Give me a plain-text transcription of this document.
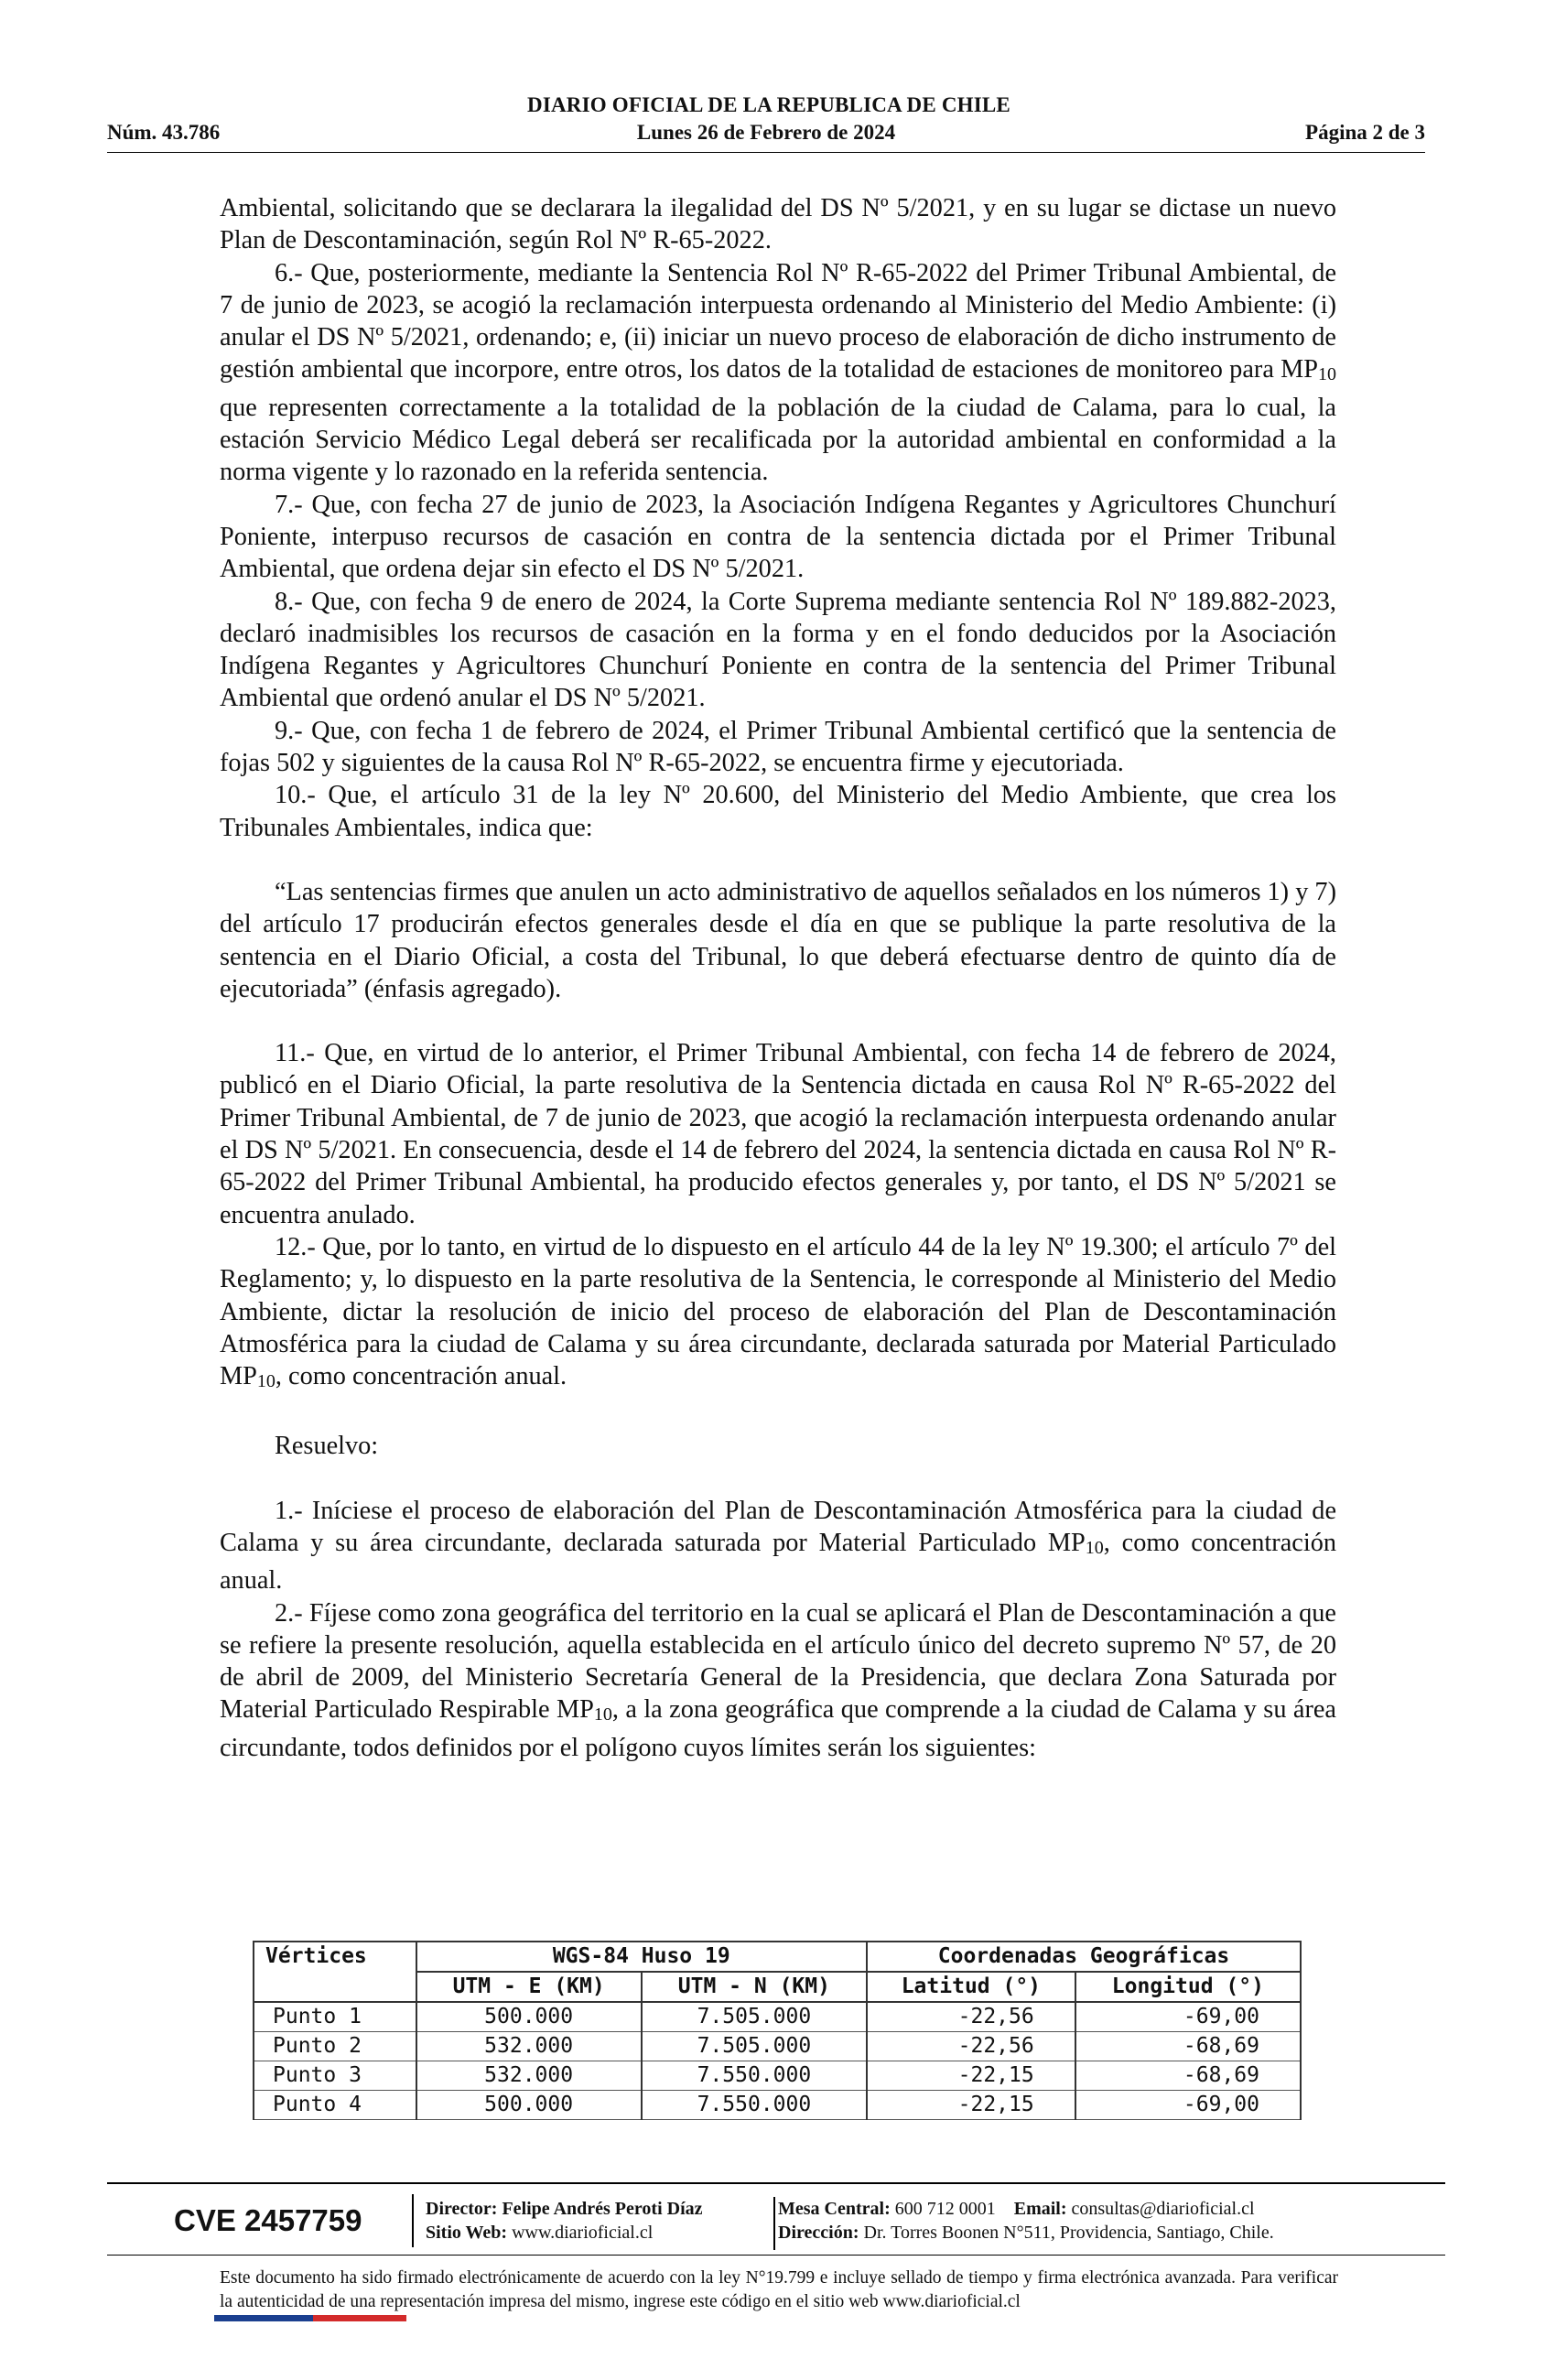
DIARIO OFICIAL DE LA REPUBLICA DE CHILE
Núm. 43.786	Lunes 26 de Febrero de 2024	Página 2 de 3

Ambiental, solicitando que se declarara la ilegalidad del DS Nº 5/2021, y en su lugar se dictase un nuevo Plan de Descontaminación, según Rol Nº R-65-2022.

6.- Que, posteriormente, mediante la Sentencia Rol Nº R-65-2022 del Primer Tribunal Ambiental, de 7 de junio de 2023, se acogió la reclamación interpuesta ordenando al Ministerio del Medio Ambiente: (i) anular el DS Nº 5/2021, ordenando; e, (ii) iniciar un nuevo proceso de elaboración de dicho instrumento de gestión ambiental que incorpore, entre otros, los datos de la totalidad de estaciones de monitoreo para MP10 que representen correctamente a la totalidad de la población de la ciudad de Calama, para lo cual, la estación Servicio Médico Legal deberá ser recalificada por la autoridad ambiental en conformidad a la norma vigente y lo razonado en la referida sentencia.

7.- Que, con fecha 27 de junio de 2023, la Asociación Indígena Regantes y Agricultores Chunchurí Poniente, interpuso recursos de casación en contra de la sentencia dictada por el Primer Tribunal Ambiental, que ordena dejar sin efecto el DS Nº 5/2021.

8.- Que, con fecha 9 de enero de 2024, la Corte Suprema mediante sentencia Rol Nº 189.882-2023, declaró inadmisibles los recursos de casación en la forma y en el fondo deducidos por la Asociación Indígena Regantes y Agricultores Chunchurí Poniente en contra de la sentencia del Primer Tribunal Ambiental que ordenó anular el DS Nº 5/2021.

9.- Que, con fecha 1 de febrero de 2024, el Primer Tribunal Ambiental certificó que la sentencia de fojas 502 y siguientes de la causa Rol Nº R-65-2022, se encuentra firme y ejecutoriada.

10.- Que, el artículo 31 de la ley Nº 20.600, del Ministerio del Medio Ambiente, que crea los Tribunales Ambientales, indica que:

“Las sentencias firmes que anulen un acto administrativo de aquellos señalados en los números 1) y 7) del artículo 17 producirán efectos generales desde el día en que se publique la parte resolutiva de la sentencia en el Diario Oficial, a costa del Tribunal, lo que deberá efectuarse dentro de quinto día de ejecutoriada” (énfasis agregado).

11.- Que, en virtud de lo anterior, el Primer Tribunal Ambiental, con fecha 14 de febrero de 2024, publicó en el Diario Oficial, la parte resolutiva de la Sentencia dictada en causa Rol Nº R-65-2022 del Primer Tribunal Ambiental, de 7 de junio de 2023, que acogió la reclamación interpuesta ordenando anular el DS Nº 5/2021. En consecuencia, desde el 14 de febrero del 2024, la sentencia dictada en causa Rol Nº R-65-2022 del Primer Tribunal Ambiental, ha producido efectos generales y, por tanto, el DS Nº 5/2021 se encuentra anulado.

12.- Que, por lo tanto, en virtud de lo dispuesto en el artículo 44 de la ley Nº 19.300; el artículo 7º del Reglamento; y, lo dispuesto en la parte resolutiva de la Sentencia, le corresponde al Ministerio del Medio Ambiente, dictar la resolución de inicio del proceso de elaboración del Plan de Descontaminación Atmosférica para la ciudad de Calama y su área circundante, declarada saturada por Material Particulado MP10, como concentración anual.

Resuelvo:

1.- Iníciese el proceso de elaboración del Plan de Descontaminación Atmosférica para la ciudad de Calama y su área circundante, declarada saturada por Material Particulado MP10, como concentración anual.

2.- Fíjese como zona geográfica del territorio en la cual se aplicará el Plan de Descontaminación a que se refiere la presente resolución, aquella establecida en el artículo único del decreto supremo Nº 57, de 20 de abril de 2009, del Ministerio Secretaría General de la Presidencia, que declara Zona Saturada por Material Particulado Respirable MP10, a la zona geográfica que comprende a la ciudad de Calama y su área circundante, todos definidos por el polígono cuyos límites serán los siguientes:

Vértices	WGS-84 Huso 19		Coordenadas Geográficas	
	UTM - E (KM)	UTM - N (KM)	Latitud (°)	Longitud (°)
Punto 1	500.000	7.505.000	-22,56	-69,00
Punto 2	532.000	7.505.000	-22,56	-68,69
Punto 3	532.000	7.550.000	-22,15	-68,69
Punto 4	500.000	7.550.000	-22,15	-69,00
CVE 2457759	Director: Felipe Andrés Peroti Díaz
Sitio Web: www.diarioficial.cl
Mesa Central: 600 712 0001 Email: consultas@diarioficial.cl
Dirección: Dr. Torres Boonen N°511, Providencia, Santiago, Chile.
Este documento ha sido firmado electrónicamente de acuerdo con la ley N°19.799 e incluye sellado de tiempo y firma electrónica avanzada. Para verificar la autenticidad de una representación impresa del mismo, ingrese este código en el sitio web www.diarioficial.cl
